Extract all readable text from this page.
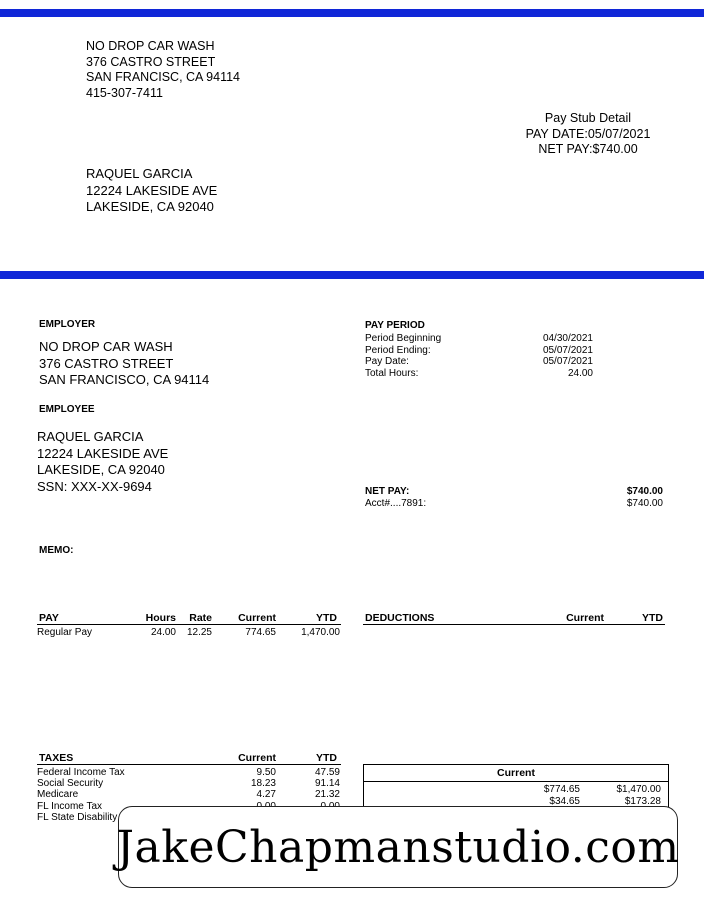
NO DROP CAR WASH
376 CASTRO STREET
SAN FRANCISC, CA 94114
415-307-7411
Pay Stub Detail
PAY DATE:05/07/2021
NET PAY:$740.00
RAQUEL GARCIA
12224 LAKESIDE AVE
LAKESIDE, CA 92040
EMPLOYER
NO DROP CAR WASH
376 CASTRO STREET
SAN FRANCISCO, CA 94114
EMPLOYEE
RAQUEL GARCIA
12224 LAKESIDE AVE
LAKESIDE, CA 92040
SSN: XXX-XX-9694
PAY PERIOD
Period Beginning	04/30/2021
Period Ending:	05/07/2021
Pay Date:	05/07/2021
Total Hours:	24.00
NET PAY:	$740.00
Acct#....7891:	$740.00
MEMO:
PAY	Hours	Rate	Current	YTD
Regular Pay	24.00	12.25	774.65	1,470.00
DEDUCTIONS	Current	YTD
TAXES	Current	YTD
Federal Income Tax	9.50	47.59
Social Security	18.23	91.14
Medicare	4.27	21.32
FL Income Tax
FL State Disability
Current
$774.65	$1,470.00
$34.65	$173.28
JakeChapmanstudio.com
